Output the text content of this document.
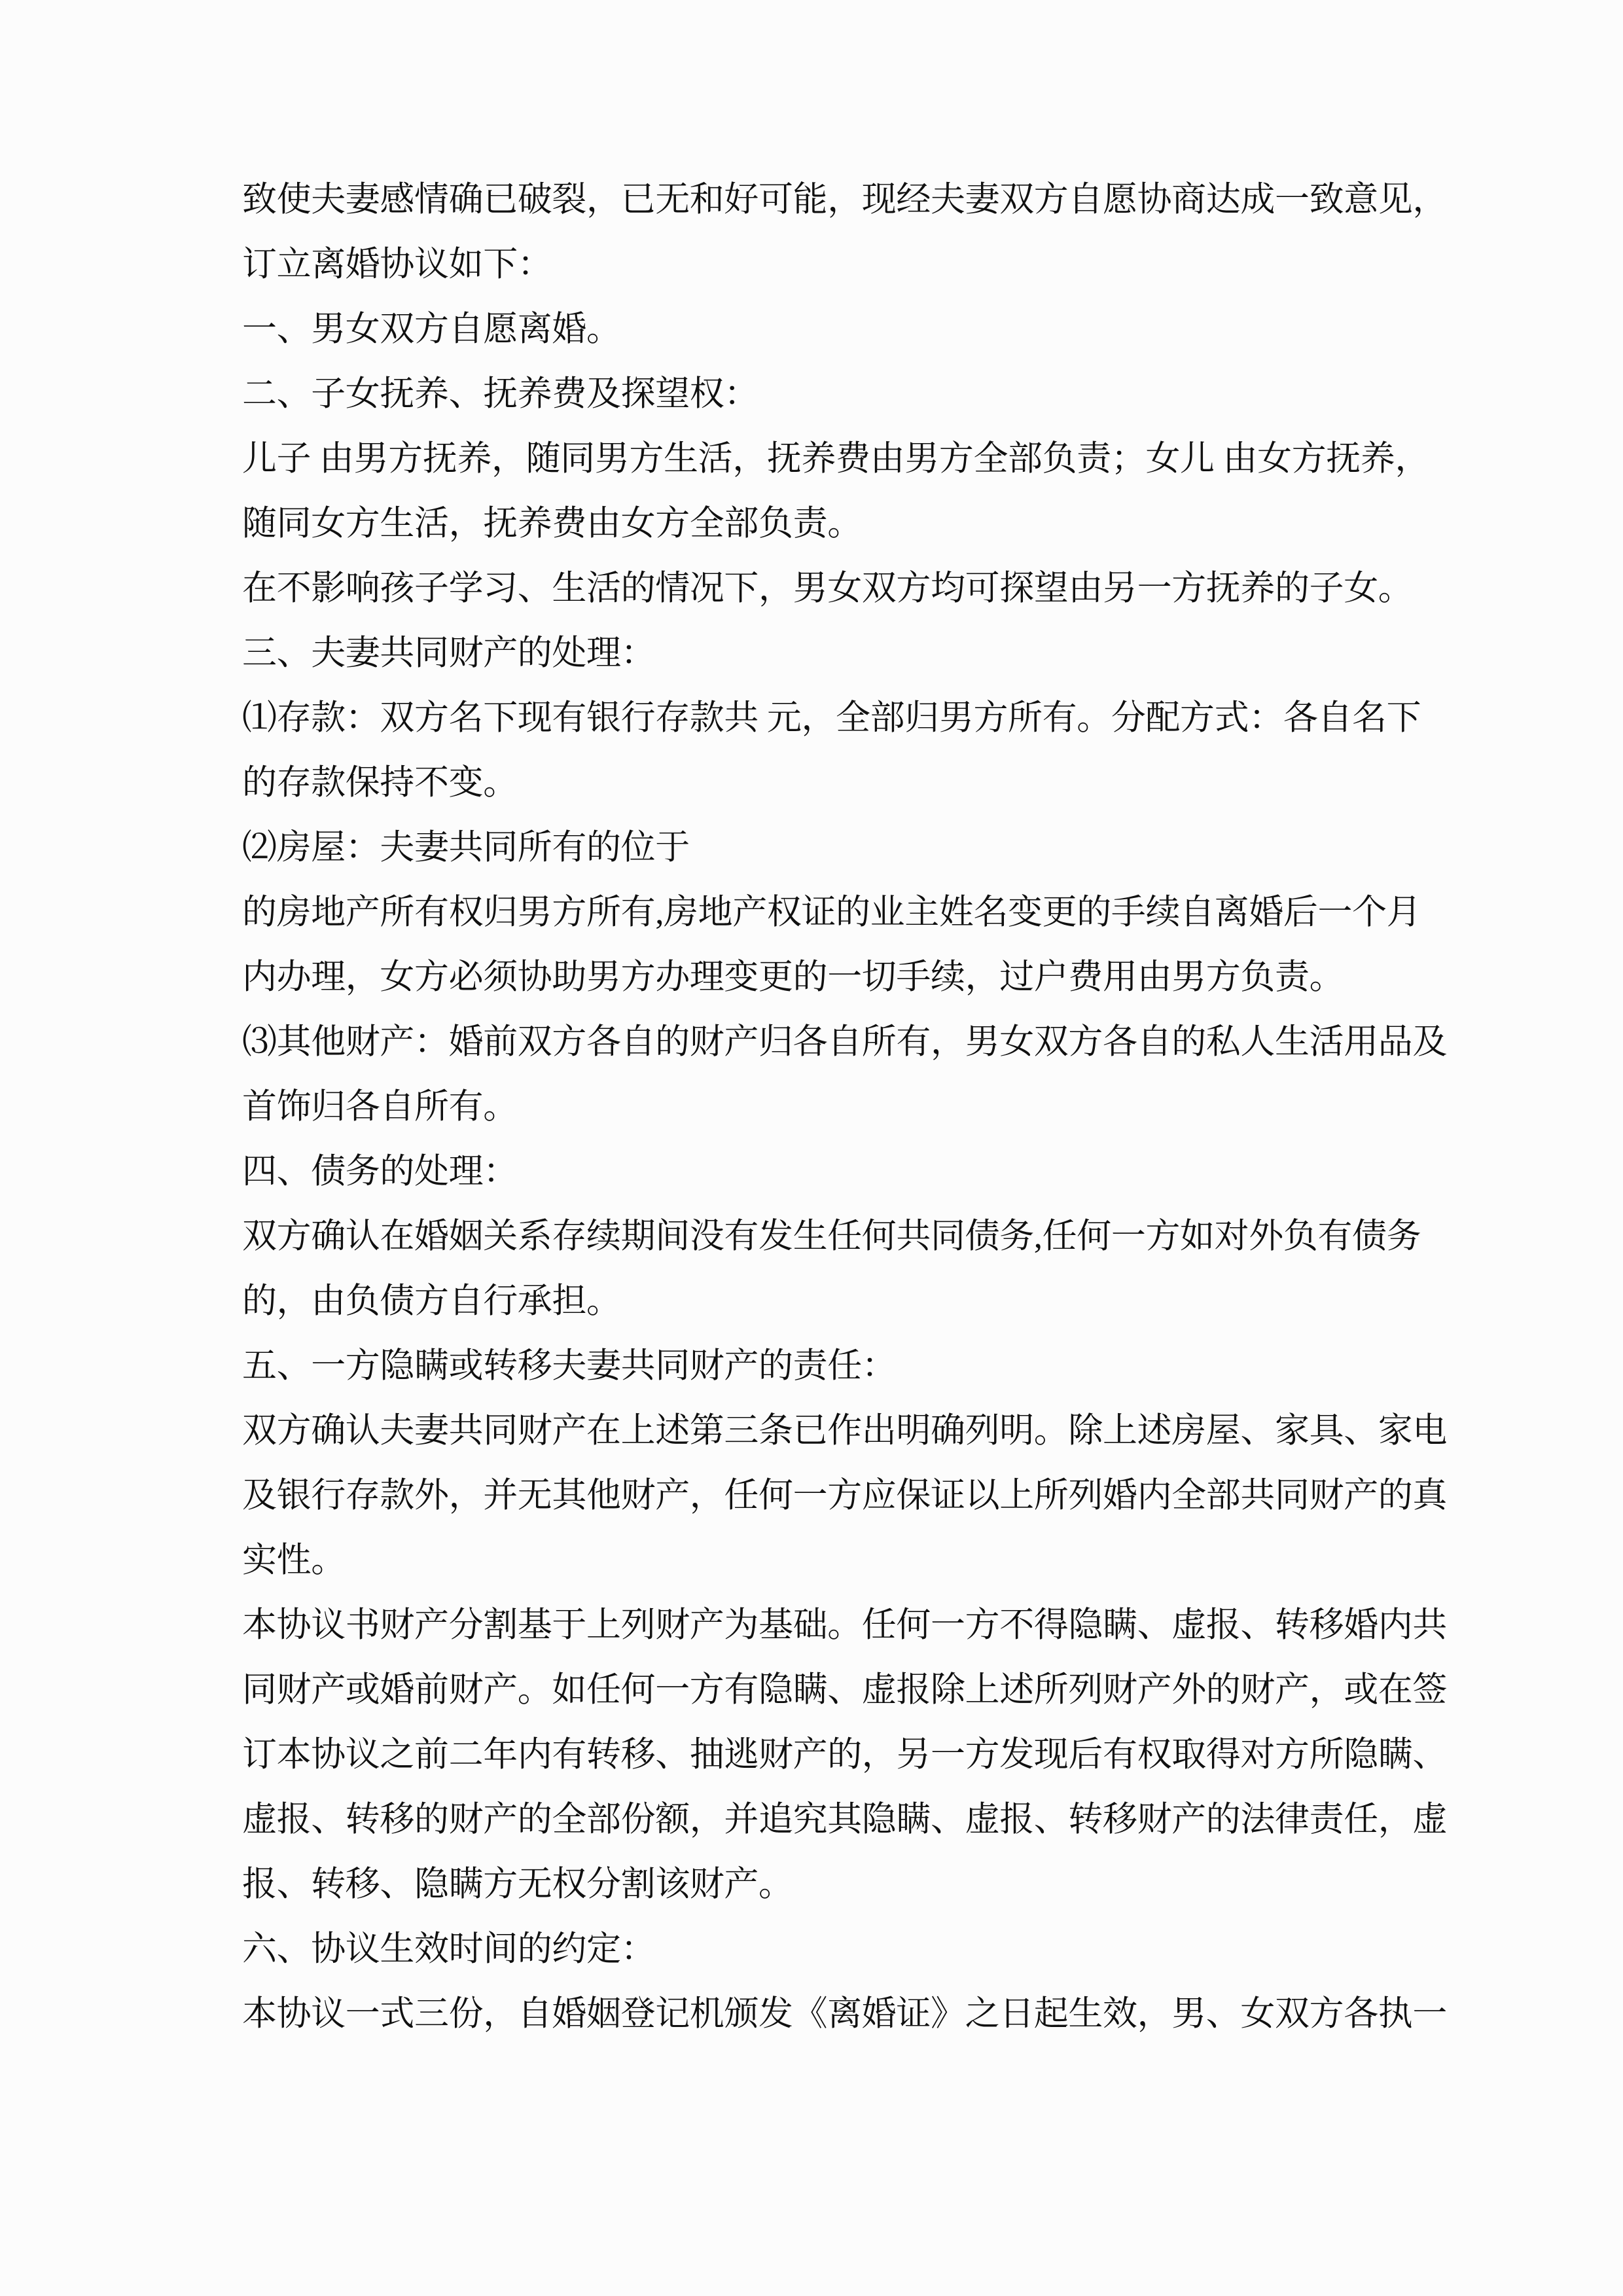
致使夫妻感情确已破裂，已无和好可能，现经夫妻双方自愿协商达成一致意见，
订立离婚协议如下：
一、男女双方自愿离婚。
二、子女抚养、抚养费及探望权：
儿子 由男方抚养，随同男方生活，抚养费由男方全部负责；女儿 由女方抚养，
随同女方生活，抚养费由女方全部负责。
在不影响孩子学习、生活的情况下，男女双方均可探望由另一方抚养的子女。
三、夫妻共同财产的处理：
⑴存款：双方名下现有银行存款共 元，全部归男方所有。分配方式：各自名下
的存款保持不变。
⑵房屋：夫妻共同所有的位于
的房地产所有权归男方所有,房地产权证的业主姓名变更的手续自离婚后一个月
内办理，女方必须协助男方办理变更的一切手续，过户费用由男方负责。
⑶其他财产：婚前双方各自的财产归各自所有，男女双方各自的私人生活用品及
首饰归各自所有。
四、债务的处理：
双方确认在婚姻关系存续期间没有发生任何共同债务,任何一方如对外负有债务
的，由负债方自行承担。
五、一方隐瞒或转移夫妻共同财产的责任：
双方确认夫妻共同财产在上述第三条已作出明确列明。除上述房屋、家具、家电
及银行存款外，并无其他财产，任何一方应保证以上所列婚内全部共同财产的真
实性。
本协议书财产分割基于上列财产为基础。任何一方不得隐瞒、虚报、转移婚内共
同财产或婚前财产。如任何一方有隐瞒、虚报除上述所列财产外的财产，或在签
订本协议之前二年内有转移、抽逃财产的，另一方发现后有权取得对方所隐瞒、
虚报、转移的财产的全部份额，并追究其隐瞒、虚报、转移财产的法律责任，虚
报、转移、隐瞒方无权分割该财产。
六、协议生效时间的约定：
本协议一式三份，自婚姻登记机颁发《离婚证》之日起生效，男、女双方各执一
